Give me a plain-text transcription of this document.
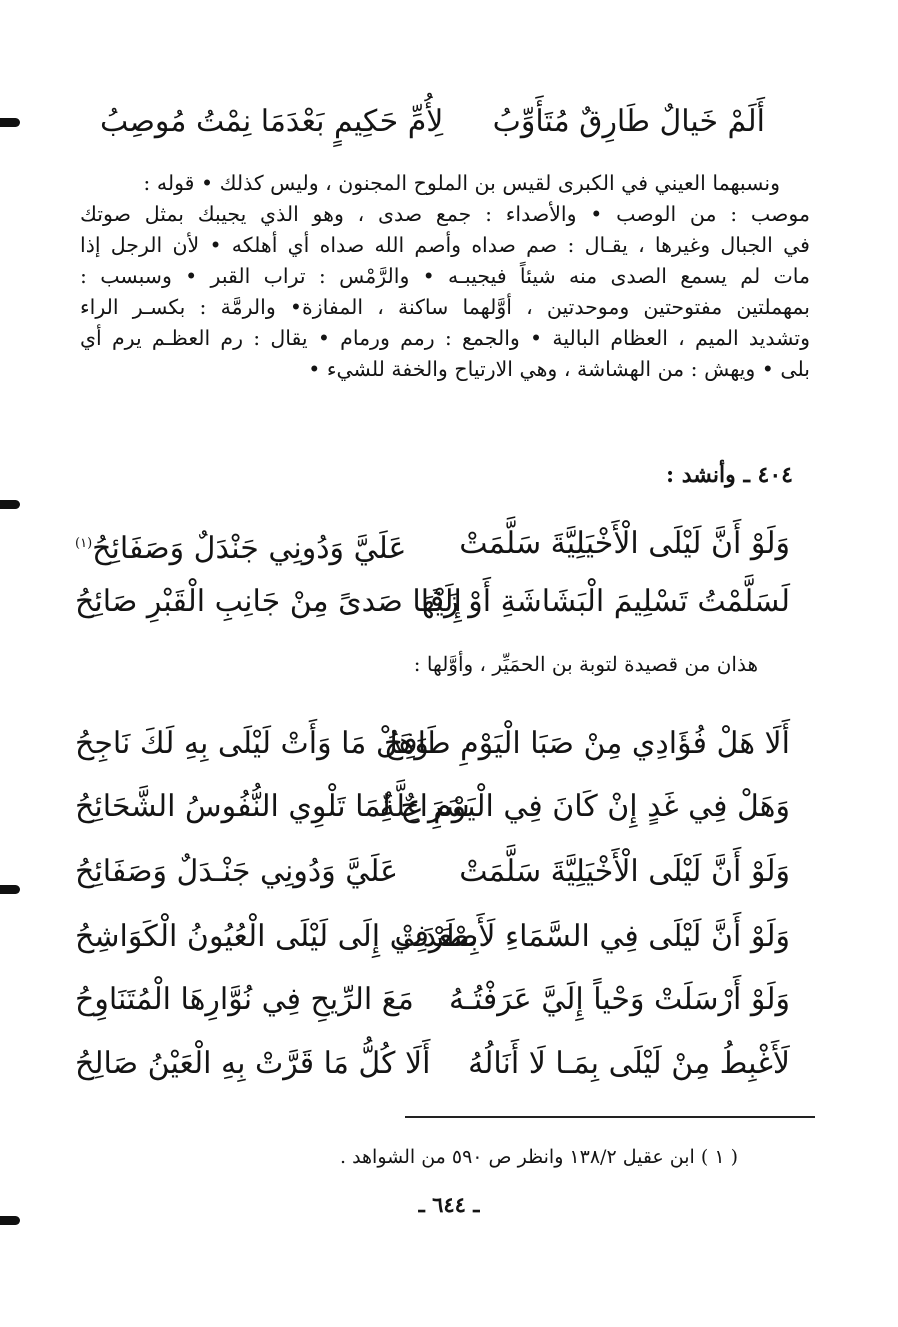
أَلَمْ خَيالٌ طَارِقٌ مُتَأَوِّبُ
لِأُمِّ حَكِيمٍ بَعْدَمَا نِمْتُ مُوصِبُ
ونسبهما العيني في الكبرى لقيس بن الملوح المجنون ، وليس كذلك • قوله :
موصب : من الوصب • والأصداء : جمع صدى ، وهو الذي يجيبك بمثل صوتك
في الجبال وغيرها ، يقـال : صم صداه وأصم الله صداه أي أهلكه • لأن الرجل إذا
مات لم يسمع الصدى منه شيئاً فيجيبـه • والرَّمْس : تراب القبر • وسبسب :
بمهملتين مفتوحتين وموحدتين ، أوَّلهما ساكنة ، المفازة• والرمَّة : بكسـر الراء
وتشديد الميم ، العظام البالية • والجمع : رمم ورمام • يقال : رم العظـم يرم أي
بلى • ويهش : من الهشاشة ، وهي الارتياح والخفة للشيء •
٤٠٤ ـ وأنشد :
وَلَوْ أَنَّ لَيْلَى الْأَخْيَلِيَّةَ سَلَّمَتْ
عَلَيَّ وَدُونِي جَنْدَلٌ وَصَفَائِحُ$^{(١)}$
لَسَلَّمْتُ تَسْلِيمَ الْبَشَاشَةِ أَوْ زَقَا
إِلَيْهَا صَدىً مِنْ جَانِبِ الْقَبْرِ صَائِحُ
هذان من قصيدة لتوبة بن الحمَيِّر ، وأوَّلها :
أَلَا هَلْ فُؤَادِي مِنْ صَبَا الْيَوْمِ طَافِحُ
وَهَلْ مَا وَأَتْ لَيْلَى بِهِ لَكَ نَاجِحُ
وَهَلْ فِي غَدٍ إِنْ كَانَ فِي الْيَوْمِ عِلَّةٌ
سَرَاحٌ لِمَا تَلْوِي النُّفُوسُ الشَّحَائِحُ
وَلَوْ أَنَّ لَيْلَى الْأَخْيَلِيَّةَ سَلَّمَتْ
عَلَيَّ وَدُونِي جَنْـدَلٌ وَصَفَائِحُ
وَلَوْ أَنَّ لَيْلَى فِي السَّمَاءِ لَأَصْعَدَتْ
بِطَرْفِي إِلَى لَيْلَى الْعُيُونُ الْكَوَاشِحُ
وَلَوْ أَرْسَلَتْ وَحْياً إِلَيَّ عَرَفْتُـهُ
مَعَ الرِّيحِ فِي نُوَّارِهَا الْمُتَنَاوِحُ
لَأَغْبِطُ مِنْ لَيْلَى بِمَـا لَا أَنَالُهُ
أَلَا كُلُّ مَا قَرَّتْ بِهِ الْعَيْنُ صَالِحُ
( ١ ) ابن عقيل ١٣٨/٢ وانظر ص ٥٩٠ من الشواهد .
ـ ٦٤٤ ـ
